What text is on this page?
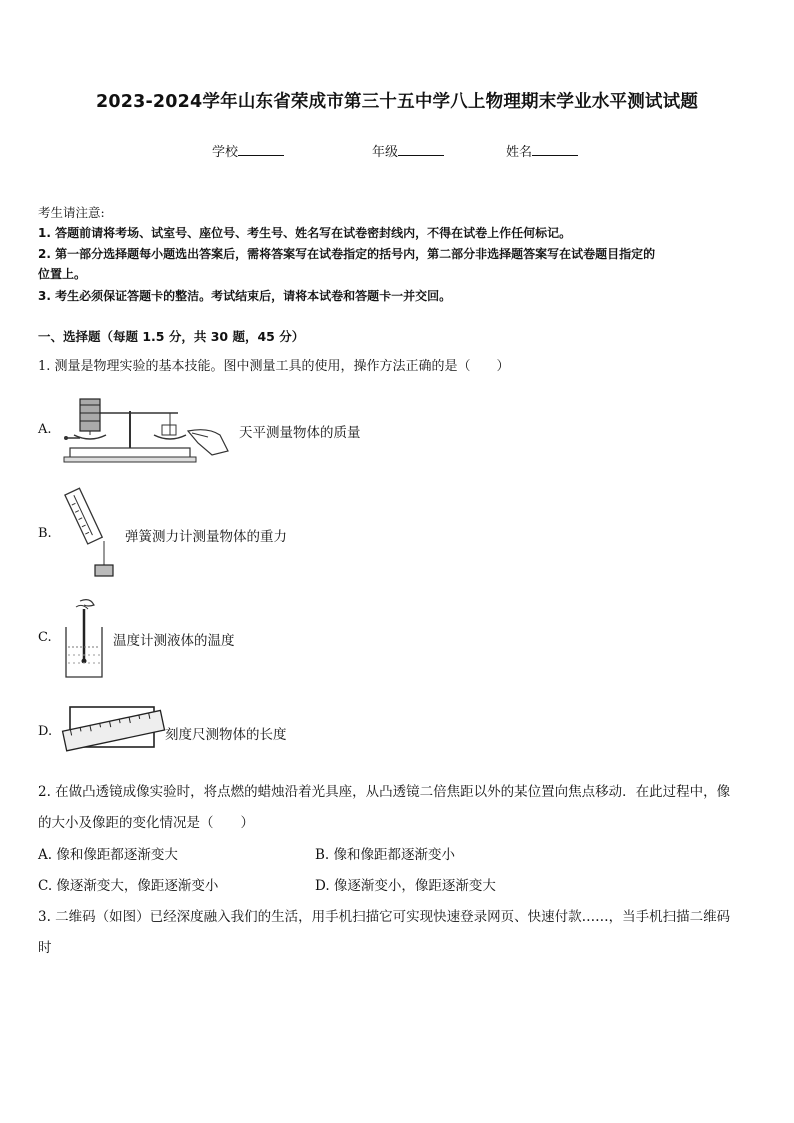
2023-2024学年山东省荣成市第三十五中学八上物理期末学业水平测试试题
学校	年级	姓名
考生请注意:
1. 答题前请将考场、试室号、座位号、考生号、姓名写在试卷密封线内，不得在试卷上作任何标记。
2. 第一部分选择题每小题选出答案后，需将答案写在试卷指定的括号内，第二部分非选择题答案写在试卷题目指定的
位置上。
3. 考生必须保证答题卡的整洁。考试结束后，请将本试卷和答题卡一并交回。
一、选择题（每题 1.5 分，共 30 题，45 分）
1. 测量是物理实验的基本技能。图中测量工具的使用，操作方法正确的是（　　）
A.	天平测量物体的质量
B.	弹簧测力计测量物体的重力
C.	温度计测液体的温度
D.	刻度尺测物体的长度
2. 在做凸透镜成像实验时，将点燃的蜡烛沿着光具座，从凸透镜二倍焦距以外的某位置向焦点移动．在此过程中，像
的大小及像距的变化情况是（　　）
A. 像和像距都逐渐变大	B. 像和像距都逐渐变小
C. 像逐渐变大，像距逐渐变小	D. 像逐渐变小，像距逐渐变大
3. 二维码（如图）已经深度融入我们的生活，用手机扫描它可实现快速登录网页、快速付款……，当手机扫描二维码
时
